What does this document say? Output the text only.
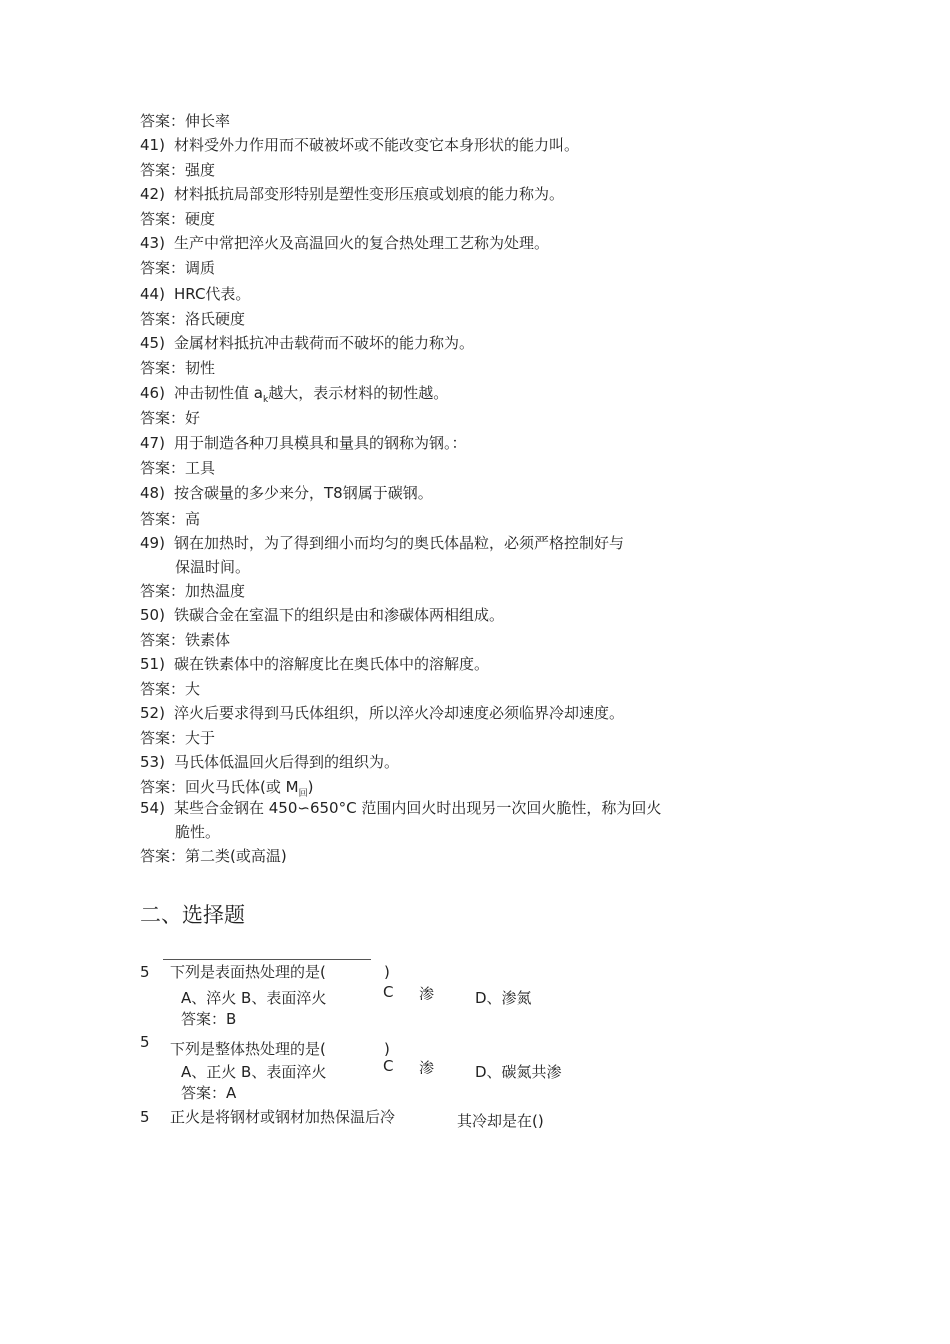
答案：伸长率
41) 材料受外力作用而不破被坏或不能改变它本身形状的能力叫。
答案：强度
42) 材料抵抗局部变形特别是塑性变形压痕或划痕的能力称为。
答案：硬度
43) 生产中常把淬火及高温回火的复合热处理工艺称为处理。
答案：调质
44) HRC代表。
答案：洛氏硬度
45) 金属材料抵抗冲击载荷而不破坏的能力称为。
答案：韧性
46) 冲击韧性值 $a_k$越大，表示材料的韧性越。
答案：好
47) 用于制造各种刀具模具和量具的钢称为钢。：
答案：工具
48) 按含碳量的多少来分，T8钢属于碳钢。
答案：高
49) 钢在加热时，为了得到细小而均匀的奥氏体晶粒，必须严格控制好与
保温时间。
答案：加热温度
50) 铁碳合金在室温下的组织是由和渗碳体两相组成。
答案：铁素体
51) 碳在铁素体中的溶解度比在奥氏体中的溶解度。
答案：大
52) 淬火后要求得到马氏体组织，所以淬火冷却速度必须临界冷却速度。
答案：大于
53) 马氏体低温回火后得到的组织为。
答案：回火马氏体(或 $M_回$)
54) 某些合金钢在 450∽650°C 范围内回火时出现另一次回火脆性，称为回火
脆性。
答案：第二类(或高温)
二、选择题
5 下列是表面热处理的是(	)
A、淬火 B、表面淬火	C 渗	D、渗氮
答案：B
5 下列是整体热处理的是(	)
A、正火 B、表面淬火	C 渗	D、碳氮共渗
答案：A
5 正火是将钢材或钢材加热保温后冷	其冷却是在()
